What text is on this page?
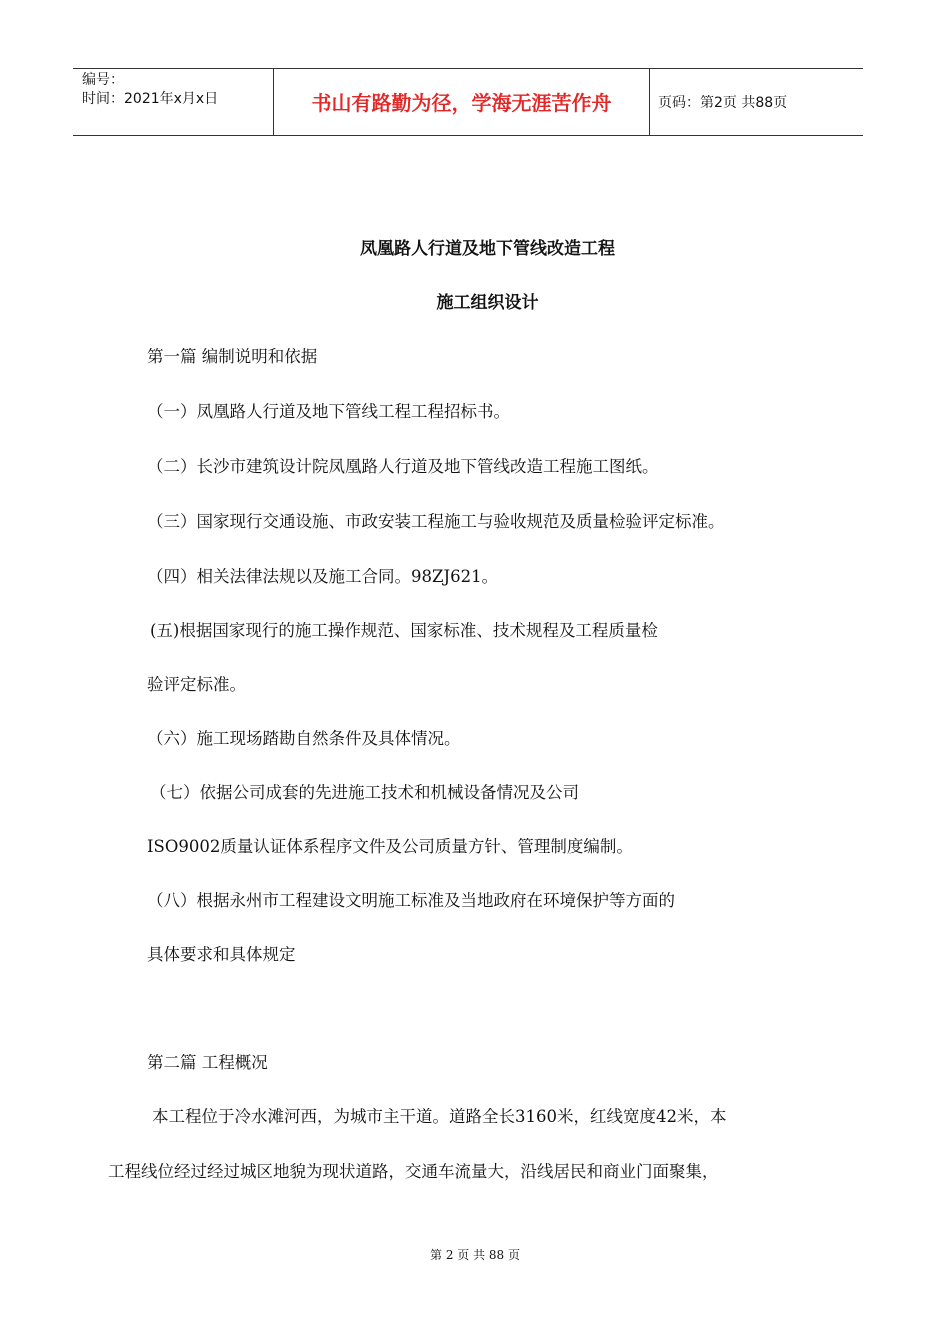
编号：
时间：2021年x月x日	书山有路勤为径，学海无涯苦作舟	页码：第2页 共88页
凤凰路人行道及地下管线改造工程
施工组织设计
第一篇 编制说明和依据
（一）凤凰路人行道及地下管线工程工程招标书。
（二）长沙市建筑设计院凤凰路人行道及地下管线改造工程施工图纸。
（三）国家现行交通设施、市政安装工程施工与验收规范及质量检验评定标准。
（四）相关法律法规以及施工合同。98ZJ621。
(五)根据国家现行的施工操作规范、国家标准、技术规程及工程质量检
验评定标准。
（六）施工现场踏勘自然条件及具体情况。
（七）依据公司成套的先进施工技术和机械设备情况及公司
ISO9002质量认证体系程序文件及公司质量方针、管理制度编制。
（八）根据永州市工程建设文明施工标准及当地政府在环境保护等方面的
具体要求和具体规定
第二篇 工程概况
本工程位于冷水滩河西，为城市主干道。道路全长3160米，红线宽度42米，本
工程线位经过经过城区地貌为现状道路，交通车流量大，沿线居民和商业门面聚集，
第 2 页 共 88 页
